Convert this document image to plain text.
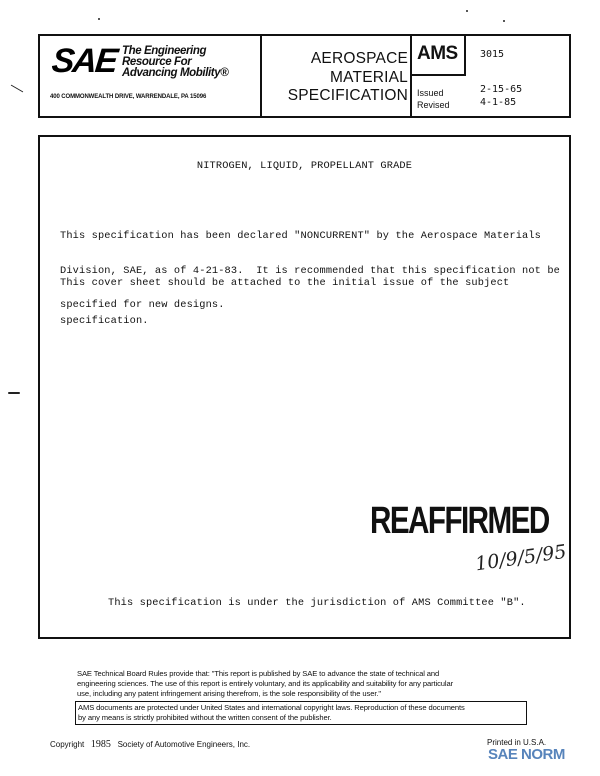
SAE The Engineering
Resource For
Advancing Mobility®
400 COMMONWEALTH DRIVE, WARRENDALE, PA 15096
AEROSPACE
MATERIAL
SPECIFICATION
AMS 3015
Issued	2-15-65
Revised	4-1-85
NITROGEN, LIQUID, PROPELLANT GRADE

This specification has been declared "NONCURRENT" by the Aerospace Materials

Division, SAE, as of 4-21-83.  It is recommended that this specification not be

specified for new designs.

This cover sheet should be attached to the initial issue of the subject

specification.

REAFFIRMED
10/9/5/95
This specification is under the jurisdiction of AMS Committee "B".
SAE Technical Board Rules provide that: "This report is published by SAE to advance the state of technical and
engineering sciences. The use of this report is entirely voluntary, and its applicability and suitability for any particular
use, including any patent infringement arising therefrom, is the sole responsibility of the user."
AMS documents are protected under United States and international copyright laws. Reproduction of these documents
by any means is strictly prohibited without the written consent of the publisher.
Copyright 1985 Society of Automotive Engineers, Inc.	Printed in U.S.A.
SAE NORM
